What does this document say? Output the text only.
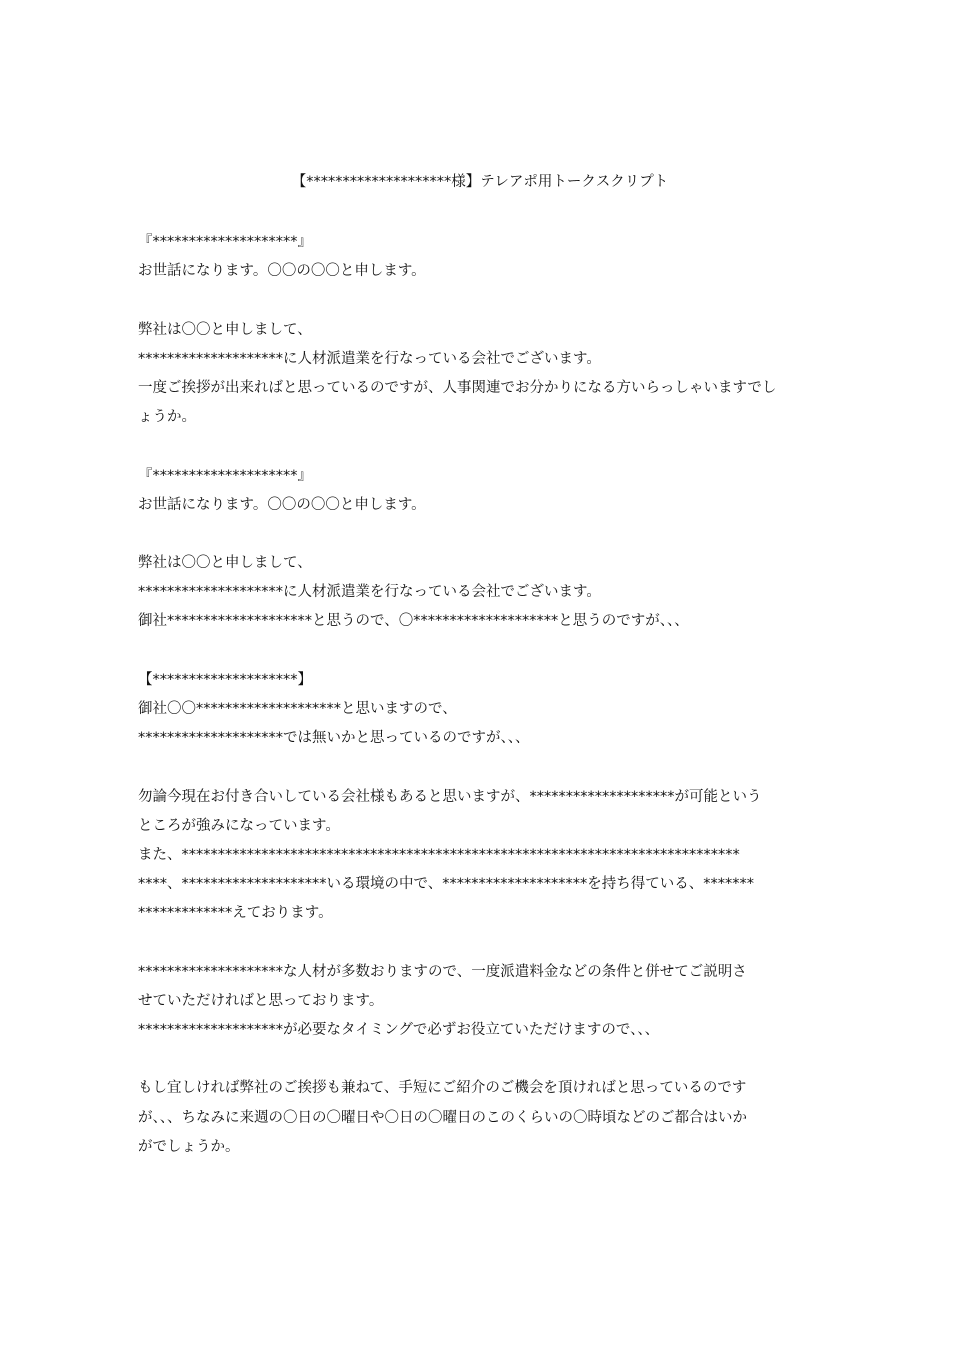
【********************様】テレアポ用トークスクリプト
『********************』
お世話になります。〇〇の〇〇と申します。
弊社は〇〇と申しまして、
********************に人材派遣業を行なっている会社でございます。
一度ご挨拶が出来ればと思っているのですが、人事関連でお分かりになる方いらっしゃいますでし
ょうか。
『********************』
お世話になります。〇〇の〇〇と申します。
弊社は〇〇と申しまして、
********************に人材派遣業を行なっている会社でございます。
御社********************と思うので、〇********************と思うのですが、、、
【********************】
御社〇〇********************と思いますので、
********************では無いかと思っているのですが、、、
勿論今現在お付き合いしている会社様もあると思いますが、********************が可能という
ところが強みになっています。
また、*****************************************************************************
****、********************いる環境の中で、********************を持ち得ている、*******
*************えております。
********************な人材が多数おりますので、一度派遣料金などの条件と併せてご説明さ
せていただければと思っております。
********************が必要なタイミングで必ずお役立ていただけますので、、、
もし宜しければ弊社のご挨拶も兼ねて、手短にご紹介のご機会を頂ければと思っているのです
が、、、ちなみに来週の〇日の〇曜日や〇日の〇曜日のこのくらいの〇時頃などのご都合はいか
がでしょうか。
